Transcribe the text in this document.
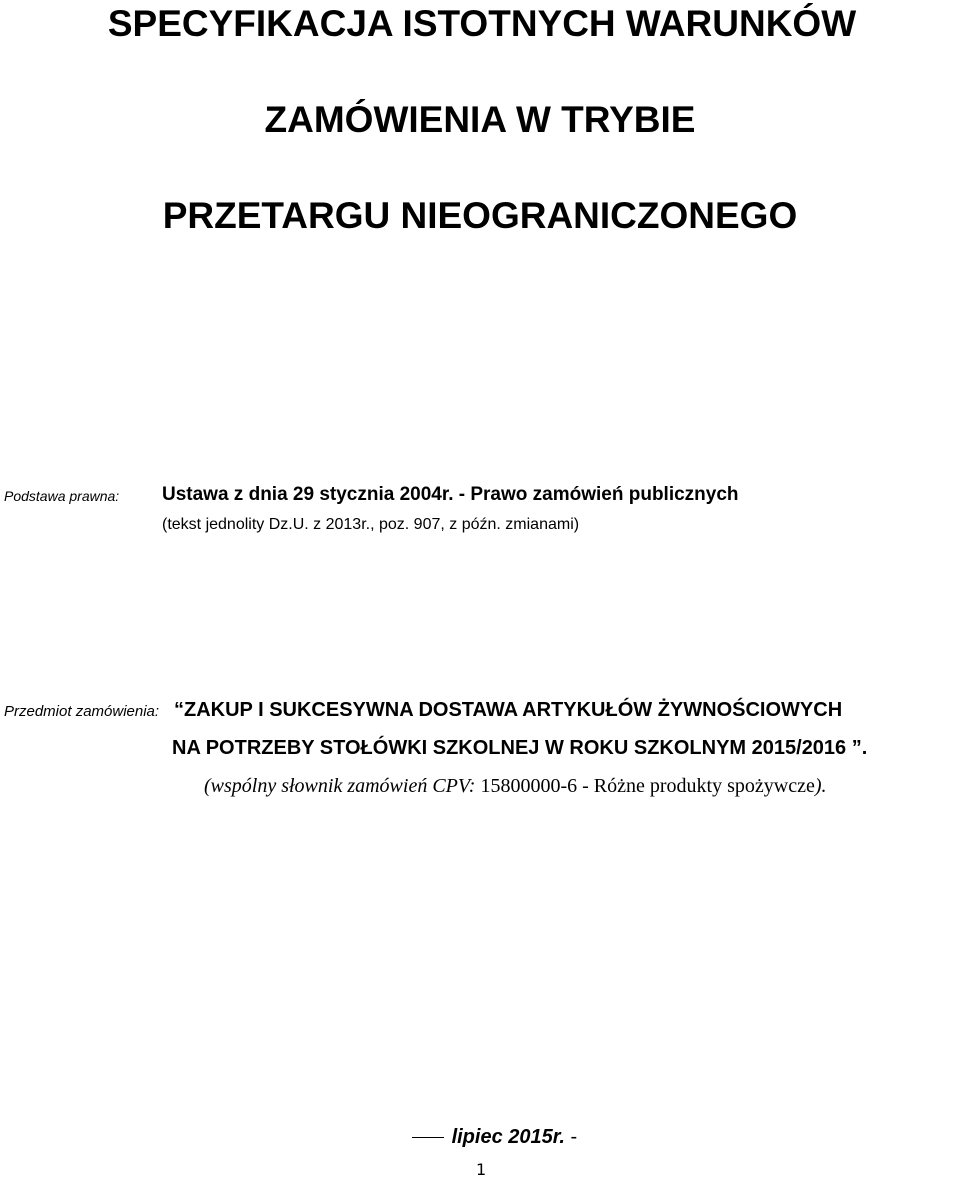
SPECYFIKACJA ISTOTNYCH WARUNKÓW
ZAMÓWIENIA W TRYBIE
PRZETARGU NIEOGRANICZONEGO
Podstawa prawna: Ustawa z dnia 29 stycznia 2004r. - Prawo zamówień publicznych
(tekst jednolity Dz.U. z 2013r., poz. 907, z późn. zmianami)
Przedmiot zamówienia: “ZAKUP I SUKCESYWNA DOSTAWA ARTYKUŁÓW ŻYWNOŚCIOWYCH
NA POTRZEBY STOŁÓWKI SZKOLNEJ W ROKU SZKOLNYM 2015/2016 ”.
(wspólny słownik zamówień CPV: 15800000-6 - Różne produkty spożywcze).
lipiec 2015r. -
1
